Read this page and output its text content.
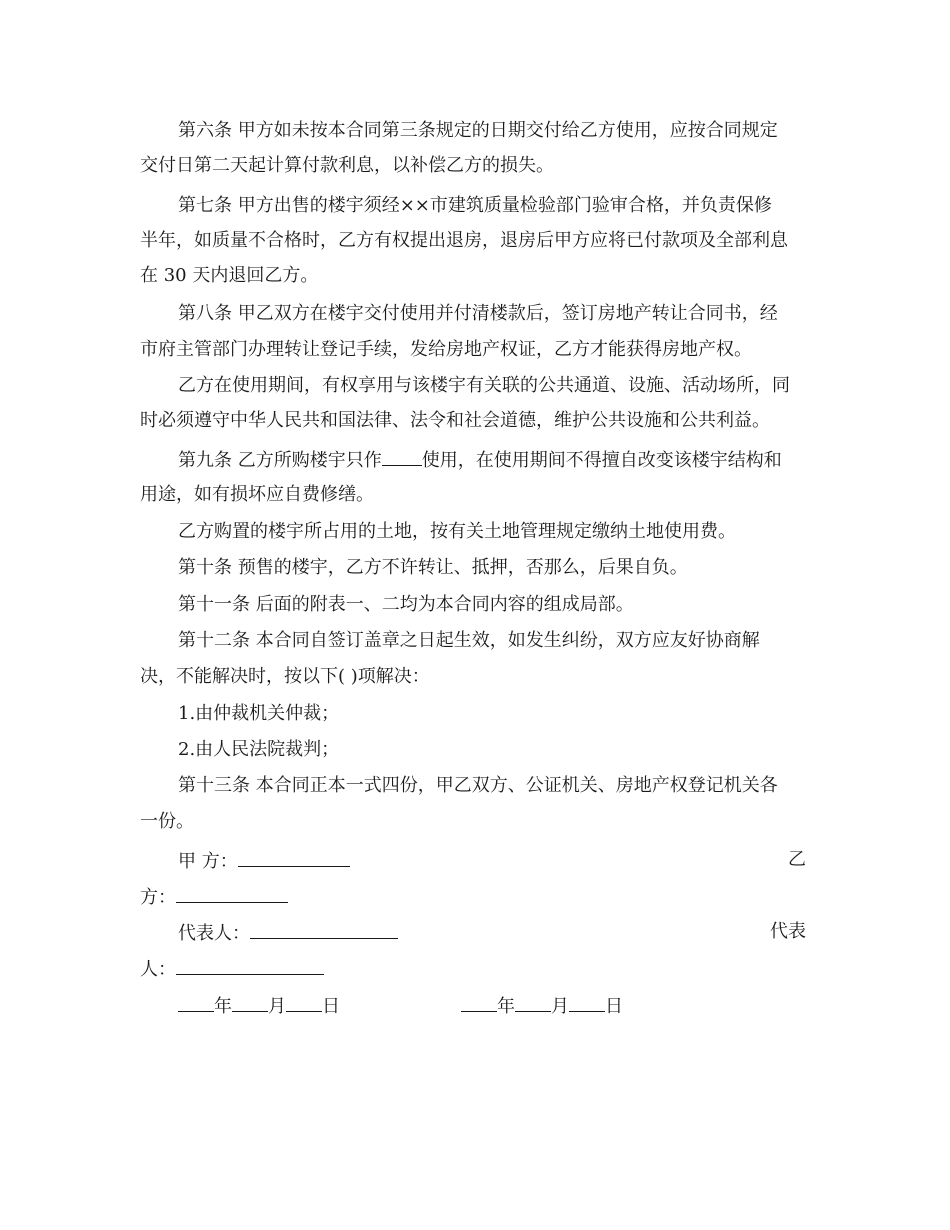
第六条 甲方如未按本合同第三条规定的日期交付给乙方使用，应按合同规定
交付日第二天起计算付款利息，以补偿乙方的损失。
第七条 甲方出售的楼宇须经××市建筑质量检验部门验审合格，并负责保修
半年，如质量不合格时，乙方有权提出退房，退房后甲方应将已付款项及全部利息
在 30 天内退回乙方。
第八条 甲乙双方在楼宇交付使用并付清楼款后，签订房地产转让合同书，经
市府主管部门办理转让登记手续，发给房地产权证，乙方才能获得房地产权。
乙方在使用期间，有权享用与该楼宇有关联的公共通道、设施、活动场所，同
时必须遵守中华人民共和国法律、法令和社会道德，维护公共设施和公共利益。
第九条 乙方所购楼宇只作 使用，在使用期间不得擅自改变该楼宇结构和
用途，如有损坏应自费修缮。
乙方购置的楼宇所占用的土地，按有关土地管理规定缴纳土地使用费。
第十条 预售的楼宇，乙方不许转让、抵押，否那么，后果自负。
第十一条 后面的附表一、二均为本合同内容的组成局部。
第十二条 本合同自签订盖章之日起生效，如发生纠纷，双方应友好协商解
决，不能解决时，按以下( )项解决：
1.由仲裁机关仲裁；
2.由人民法院裁判；
第十三条 本合同正本一式四份，甲乙双方、公证机关、房地产权登记机关各
一份。
甲 方：	乙
方：
代表人：	代表
人：
年 月 日	年 月 日
